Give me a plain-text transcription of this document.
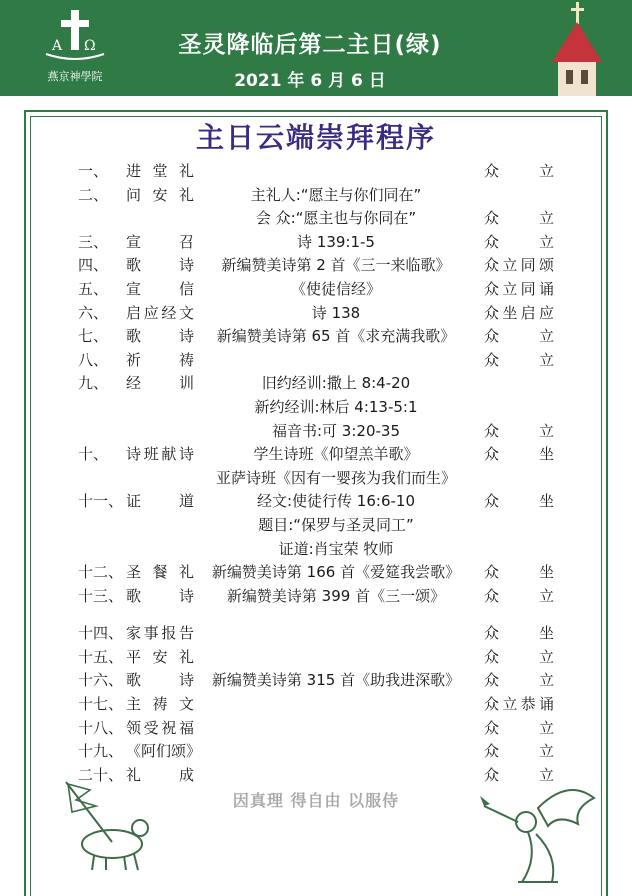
A Ω
燕京神學院
圣灵降临后第二主日(绿)
2021 年 6 月 6 日
主日云端崇拜程序
一、 进堂礼	众立
二、 问安礼	主礼人:“愿主与你们同在”
会 众:“愿主也与你同在”	众立
三、 宣召	诗 139:1-5	众立
四、 歌诗	新编赞美诗第 2 首《三一来临歌》	众立同颂
五、 宣信	《使徒信经》	众立同诵
六、 启应经文	诗 138	众坐启应
七、 歌诗	新编赞美诗第 65 首《求充满我歌》	众立
八、 祈祷	众立
九、 经训	旧约经训:撒上 8:4-20
新约经训:林后 4:13-5:1
福音书:可 3:20-35	众立
十、 诗班献诗	学生诗班《仰望羔羊歌》	众坐
亚萨诗班《因有一婴孩为我们而生》
十一、 证道	经文:使徒行传 16:6-10	众坐
题目:“保罗与圣灵同工”
证道:肖宝荣 牧师
十二、 圣餐礼	新编赞美诗第 166 首《爱筵我尝歌》	众坐
十三、 歌诗	新编赞美诗第 399 首《三一颂》	众立
十四、 家事报告	众坐
十五、 平安礼	众立
十六、 歌诗	新编赞美诗第 315 首《助我进深歌》	众立
十七、 主祷文	众立恭诵
十八、 领受祝福	众立
十九、 《阿们颂》	众立
二十、 礼成	众立
因真理 得自由 以服侍
